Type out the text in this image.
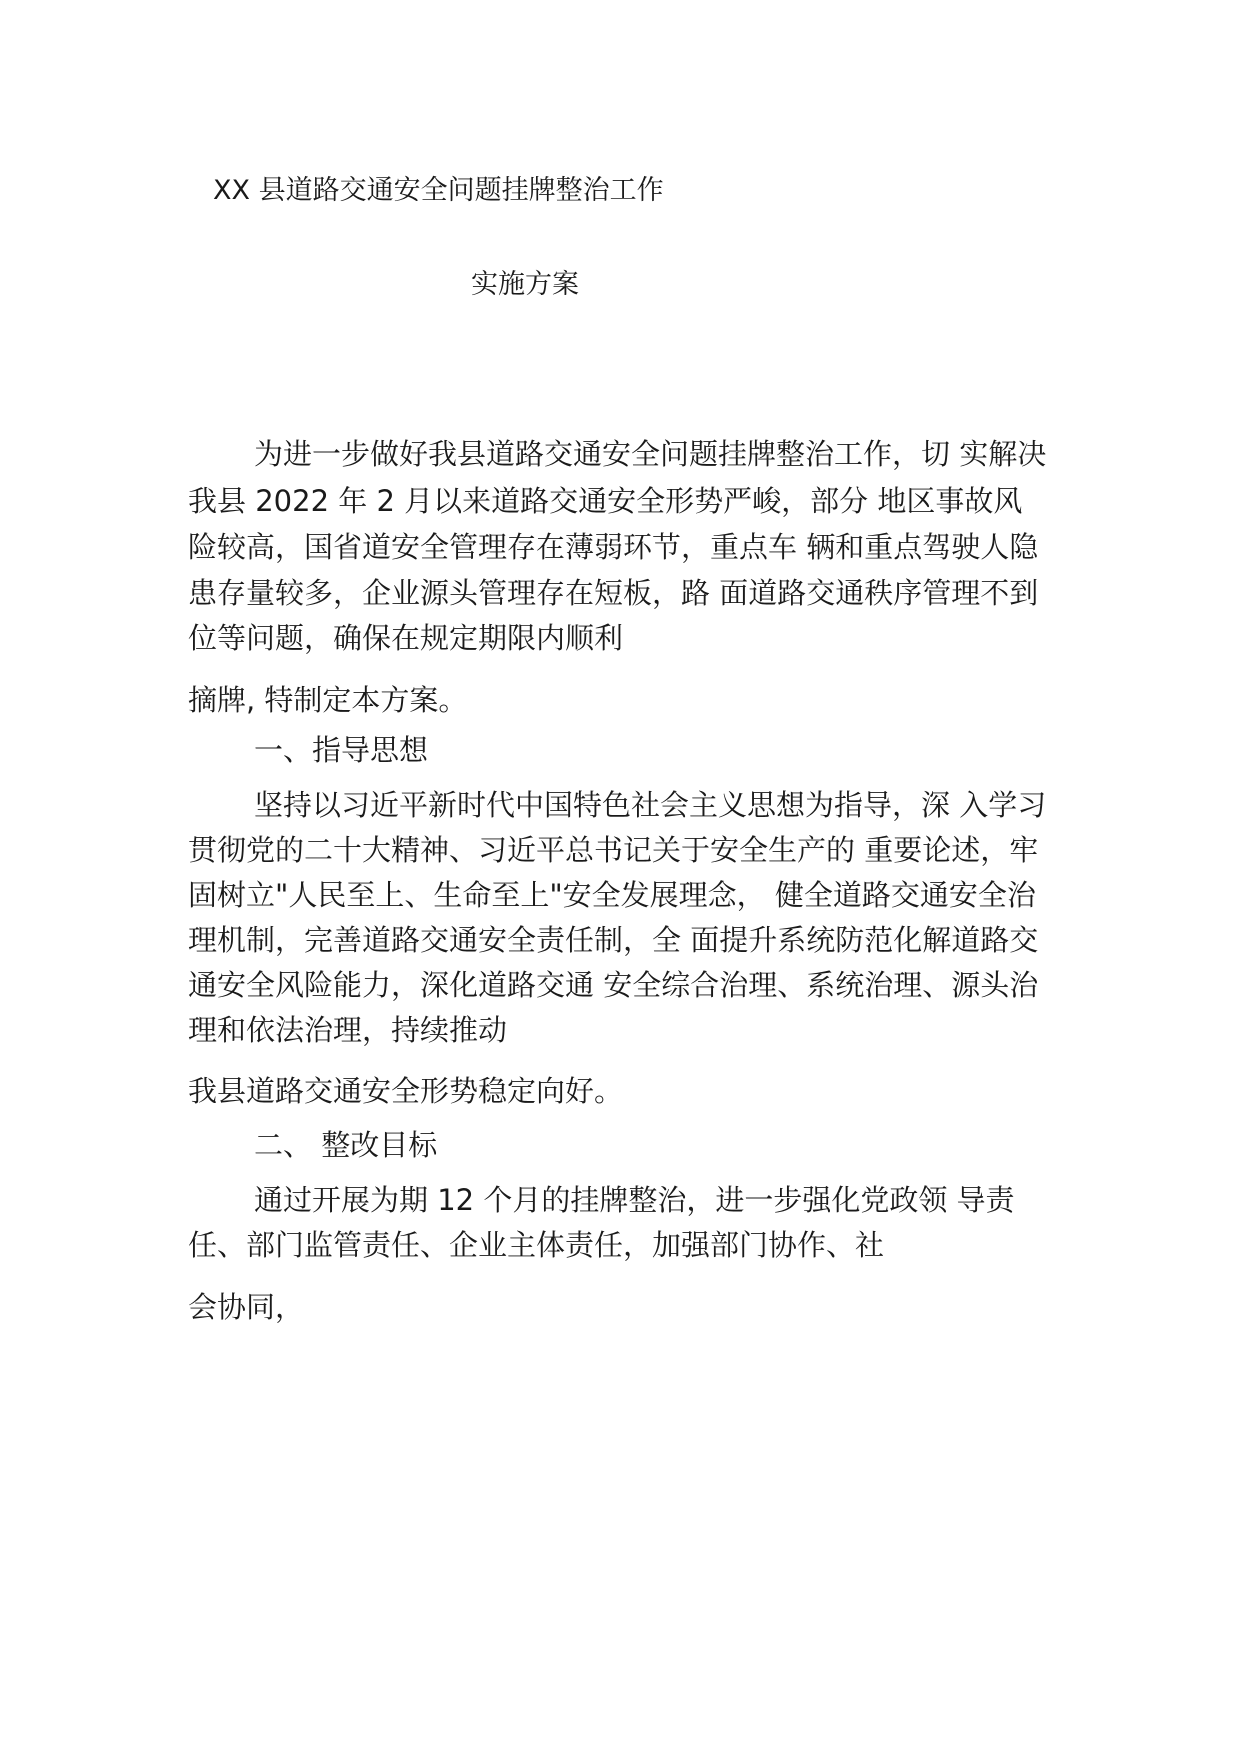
XX 县道路交通安全问题挂牌整治工作
实施方案
为进一步做好我县道路交通安全问题挂牌整治工作，切 实解决
我县 2022 年 2 月以来道路交通安全形势严峻，部分 地区事故风
险较高，国省道安全管理存在薄弱环节，重点车 辆和重点驾驶人隐
患存量较多，企业源头管理存在短板，路 面道路交通秩序管理不到
位等问题，确保在规定期限内顺利
摘牌, 特制定本方案。
一、指导思想
坚持以习近平新时代中国特色社会主义思想为指导，深 入学习
贯彻党的二十大精神、习近平总书记关于安全生产的 重要论述，牢
固树立"人民至上、生命至上"安全发展理念， 健全道路交通安全治
理机制，完善道路交通安全责任制，全 面提升系统防范化解道路交
通安全风险能力，深化道路交通 安全综合治理、系统治理、源头治
理和依法治理，持续推动
我县道路交通安全形势稳定向好。
二、 整改目标
通过开展为期 12 个月的挂牌整治，进一步强化党政领 导责
任、部门监管责任、企业主体责任，加强部门协作、社
会协同，
